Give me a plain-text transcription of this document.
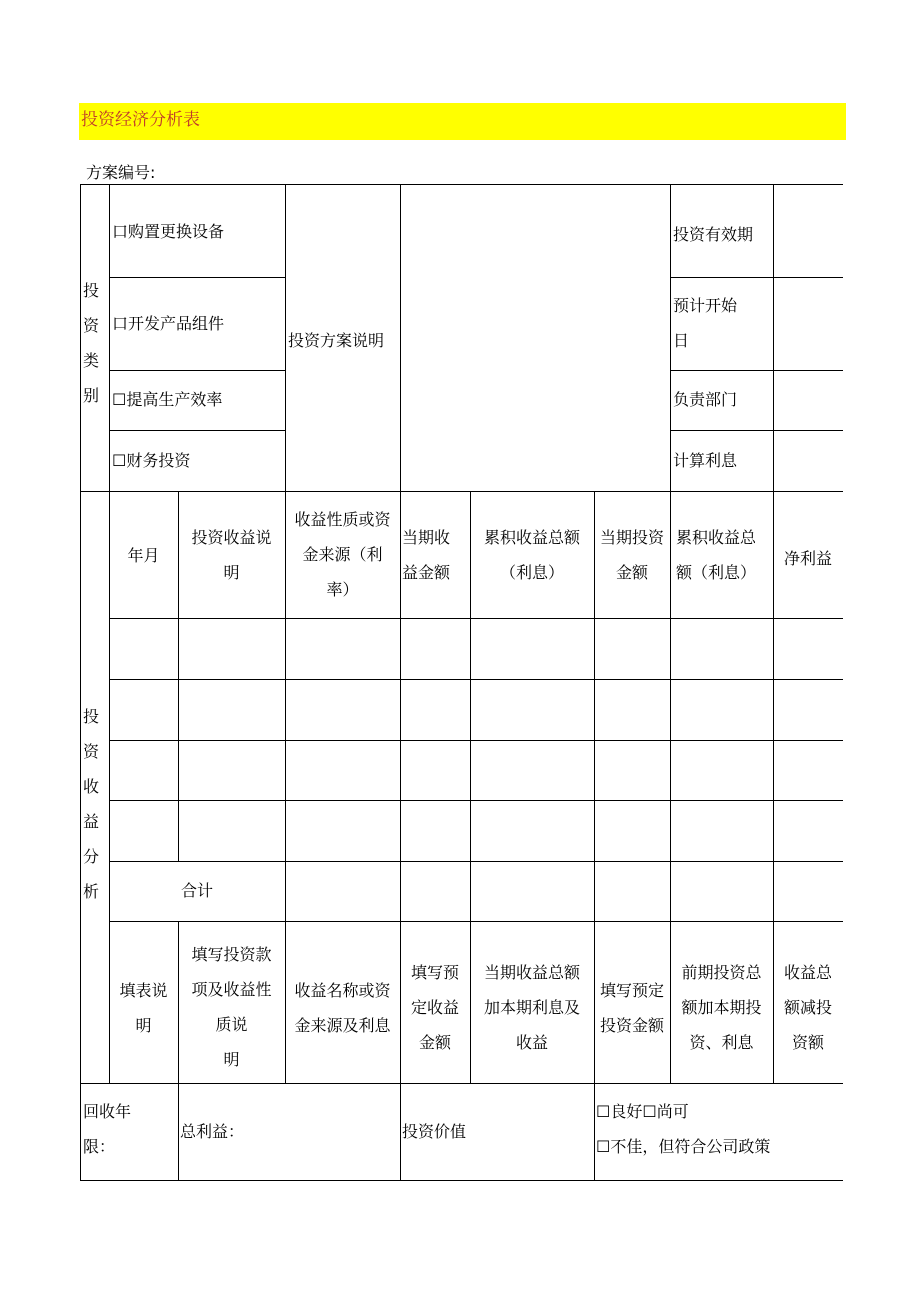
投资经济分析表
方案编号:
投
资
类
别
口购置更换设备
口开发产品组件
☐提高生产效率
☐财务投资
投资方案说明
投资有效期
预计开始
日
负责部门
计算利息
投
资
收
益
分
析
年月
投资收益说
明
收益性质或资
金来源（利
率）
当期收
益金额
累积收益总额
（利息）
当期投资
金额
累积收益总
额（利息）
净利益
合计
填表说
明
填写投资款
项及收益性
质说
明
收益名称或资
金来源及利息
填写预
定收益
金额
当期收益总额
加本期利息及
收益
填写预定
投资金额
前期投资总
额加本期投
资、利息
收益总
额减投
资额
回收年
限：
总利益：	投资价值
☐良好☐尚可
☐不佳，但符合公司政策
